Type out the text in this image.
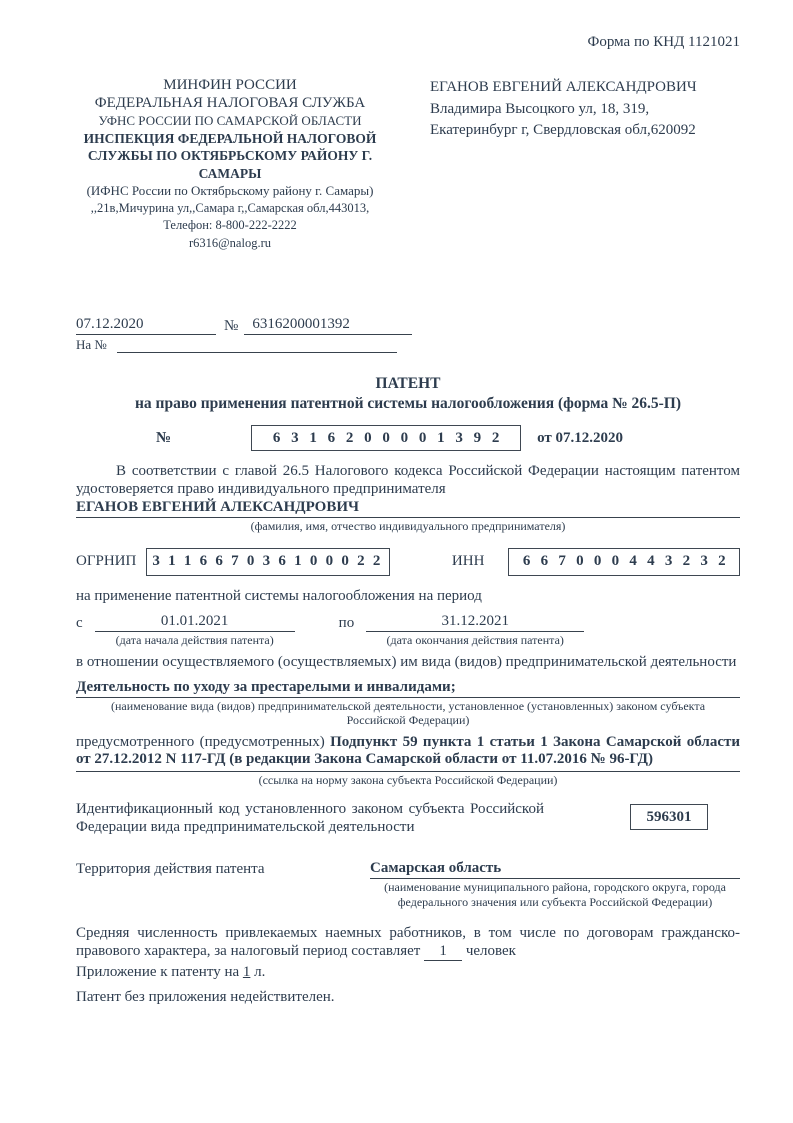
Форма по КНД 1121021
МИНФИН РОССИИ
ФЕДЕРАЛЬНАЯ НАЛОГОВАЯ СЛУЖБА
УФНС РОССИИ ПО САМАРСКОЙ ОБЛАСТИ
ИНСПЕКЦИЯ ФЕДЕРАЛЬНОЙ НАЛОГОВОЙ
СЛУЖБЫ ПО ОКТЯБРЬСКОМУ РАЙОНУ Г. САМАРЫ
(ИФНС России по Октябрьскому району г. Самары)
,,21в,Мичурина ул,,Самара г,,Самарская обл,443013,
Телефон: 8-800-222-2222
r6316@nalog.ru
ЕГАНОВ ЕВГЕНИЙ АЛЕКСАНДРОВИЧ
Владимира Высоцкого ул, 18, 319,
Екатеринбург г, Свердловская обл,620092
07.12.2020	№ 6316200001392
На №
ПАТЕНТ
на право применения патентной системы налогообложения (форма № 26.5-П)
№	6 3 1 6 2 0 0 0 0 1 3 9 2	от 07.12.2020

В соответствии с главой 26.5 Налогового кодекса Российской Федерации настоящим патентом удостоверяется право индивидуального предпринимателя

ЕГАНОВ ЕВГЕНИЙ АЛЕКСАНДРОВИЧ
(фамилия, имя, отчество индивидуального предпринимателя)
ОГРНИП	3 1 1 6 6 7 0 3 6 1 0 0 0 2 2	ИНН	6 6 7 0 0 0 4 4 3 2 3 2

на применение патентной системы налогообложения на период

с	01.01.2021
(дата начала действия патента)
по	31.12.2021
(дата окончания действия патента)

в отношении осуществляемого (осуществляемых) им вида (видов) предпринимательской деятельности

Деятельность по уходу за престарелыми и инвалидами;
(наименование вида (видов) предпринимательской деятельности, установленное (установленных) законом субъекта Российской Федерации)

предусмотренного (предусмотренных) Подпункт 59 пункта 1 статьи 1 Закона Самарской области от 27.12.2012 N 117-ГД (в редакции Закона Самарской области от 11.07.2016 № 96-ГД)

(ссылка на норму закона субъекта Российской Федерации)

Идентификационный код установленного законом субъекта Российской Федерации вида предпринимательской деятельности

596301
Территория действия патента	Самарская область
(наименование муниципального района, городского округа, города федерального значения или субъекта Российской Федерации)

Средняя численность привлекаемых наемных работников, в том числе по договорам гражданско-правового характера, за налоговый период составляет 1 человек

Приложение к патенту на 1 л.

Патент без приложения недействителен.
